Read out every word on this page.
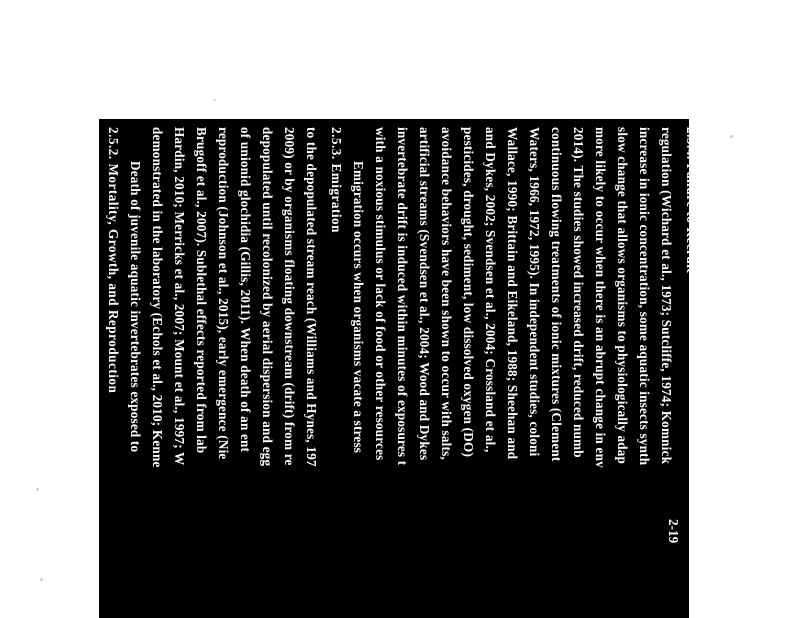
2.5.2. Mortality, Growth, and Reproduction Death of juvenile aquatic invertebrates exposed to demonstrated in the laboratory (Echols et al., 2010; Kenne Hardin, 2010; Merricks et al., 2007; Mount et al., 1997; W Brugoff et al., 2007). Sublethal effects reported from lab reproduction (Johnson et al., 2015), early emergence (Nie of unionid glochidia (Gillis, 2011). When death of an ent depopulated until recolonized by aerial dispersion and egg 2009) or by organisms floating downstream (drift) from re to the depopulated stream reach (Williams and Hynes, 197 2.5.3. Emigration Emigration occurs when organisms vacate a stress with a noxious stimulus or lack of food or other resources invertebrate drift is induced within minutes of exposures t artificial streams (Svendsen et al., 2004; Wood and Dykes avoidance behaviors have been shown to occur with salts, pesticides, drought, sediment, low dissolved oxygen (DO) and Dykes, 2002; Svendsen et al., 2004; Crossland et al., Wallace, 1990; Brittain and Eikeland, 1988; Sheehan and Waters, 1966, 1972, 1995). In independent studies, coloni continuous flowing treatments of ionic mixtures (Clement 2014). The studies showed increased drift, reduced numb more likely to occur when there is an abrupt change in env slow change that allows organisms to physiologically adap increase in ionic concentration, some aquatic insects synth regulation (Wichard et al., 1973; Sutcliffe, 1974; Komnick 2.5.4. Failure to Recruit
2-19
